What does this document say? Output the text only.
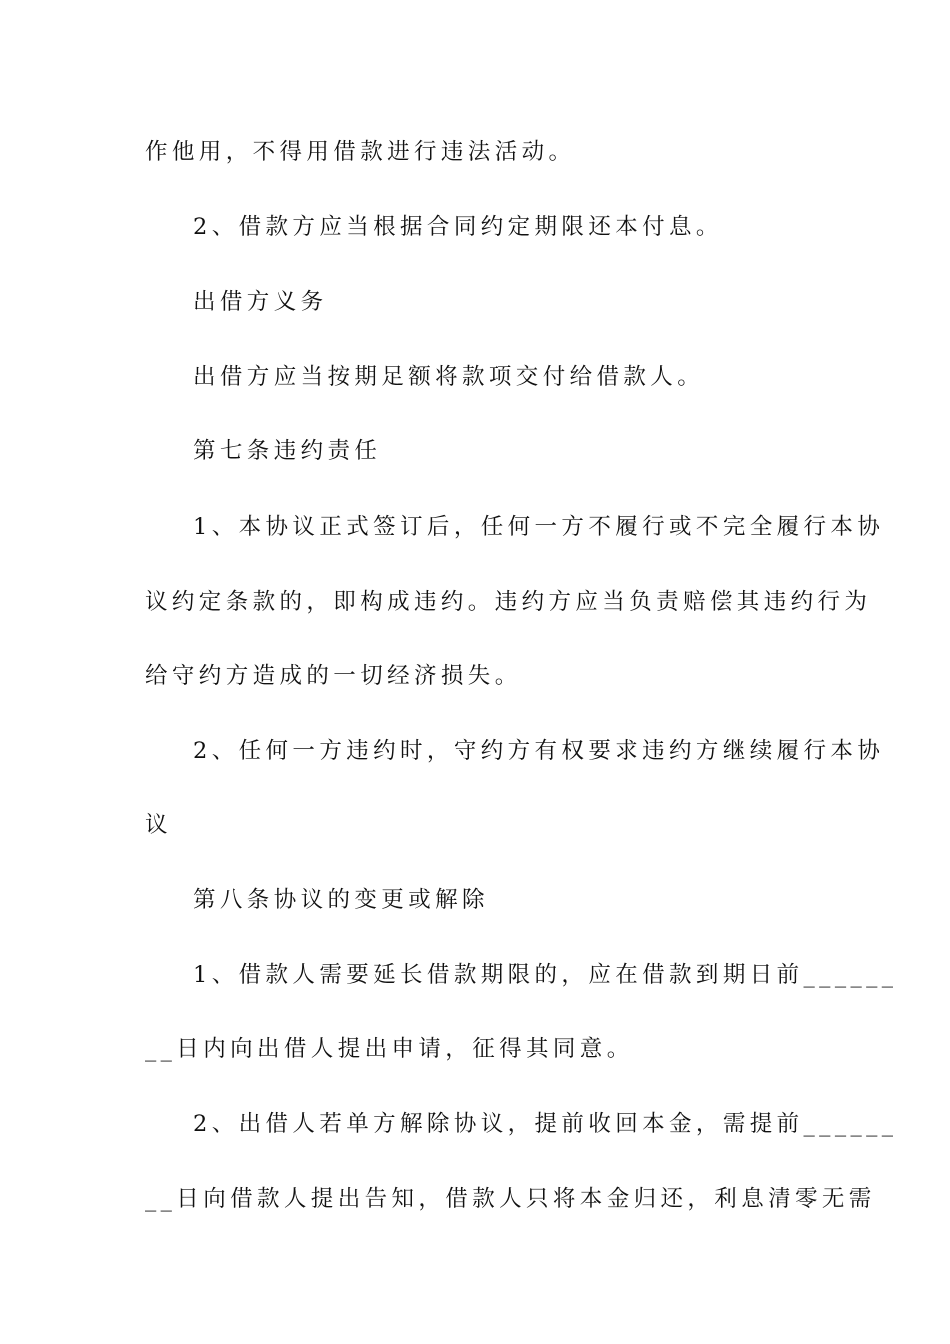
作他用，不得用借款进行违法活动。
2、借款方应当根据合同约定期限还本付息。
出借方义务
出借方应当按期足额将款项交付给借款人。
第七条违约责任
1、本协议正式签订后，任何一方不履行或不完全履行本协
议约定条款的，即构成违约。违约方应当负责赔偿其违约行为
给守约方造成的一切经济损失。
2、任何一方违约时，守约方有权要求违约方继续履行本协
议
第八条协议的变更或解除
1、借款人需要延长借款期限的，应在借款到期日前______
__日内向出借人提出申请，征得其同意。
2、出借人若单方解除协议，提前收回本金，需提前______
__日向借款人提出告知，借款人只将本金归还，利息清零无需
